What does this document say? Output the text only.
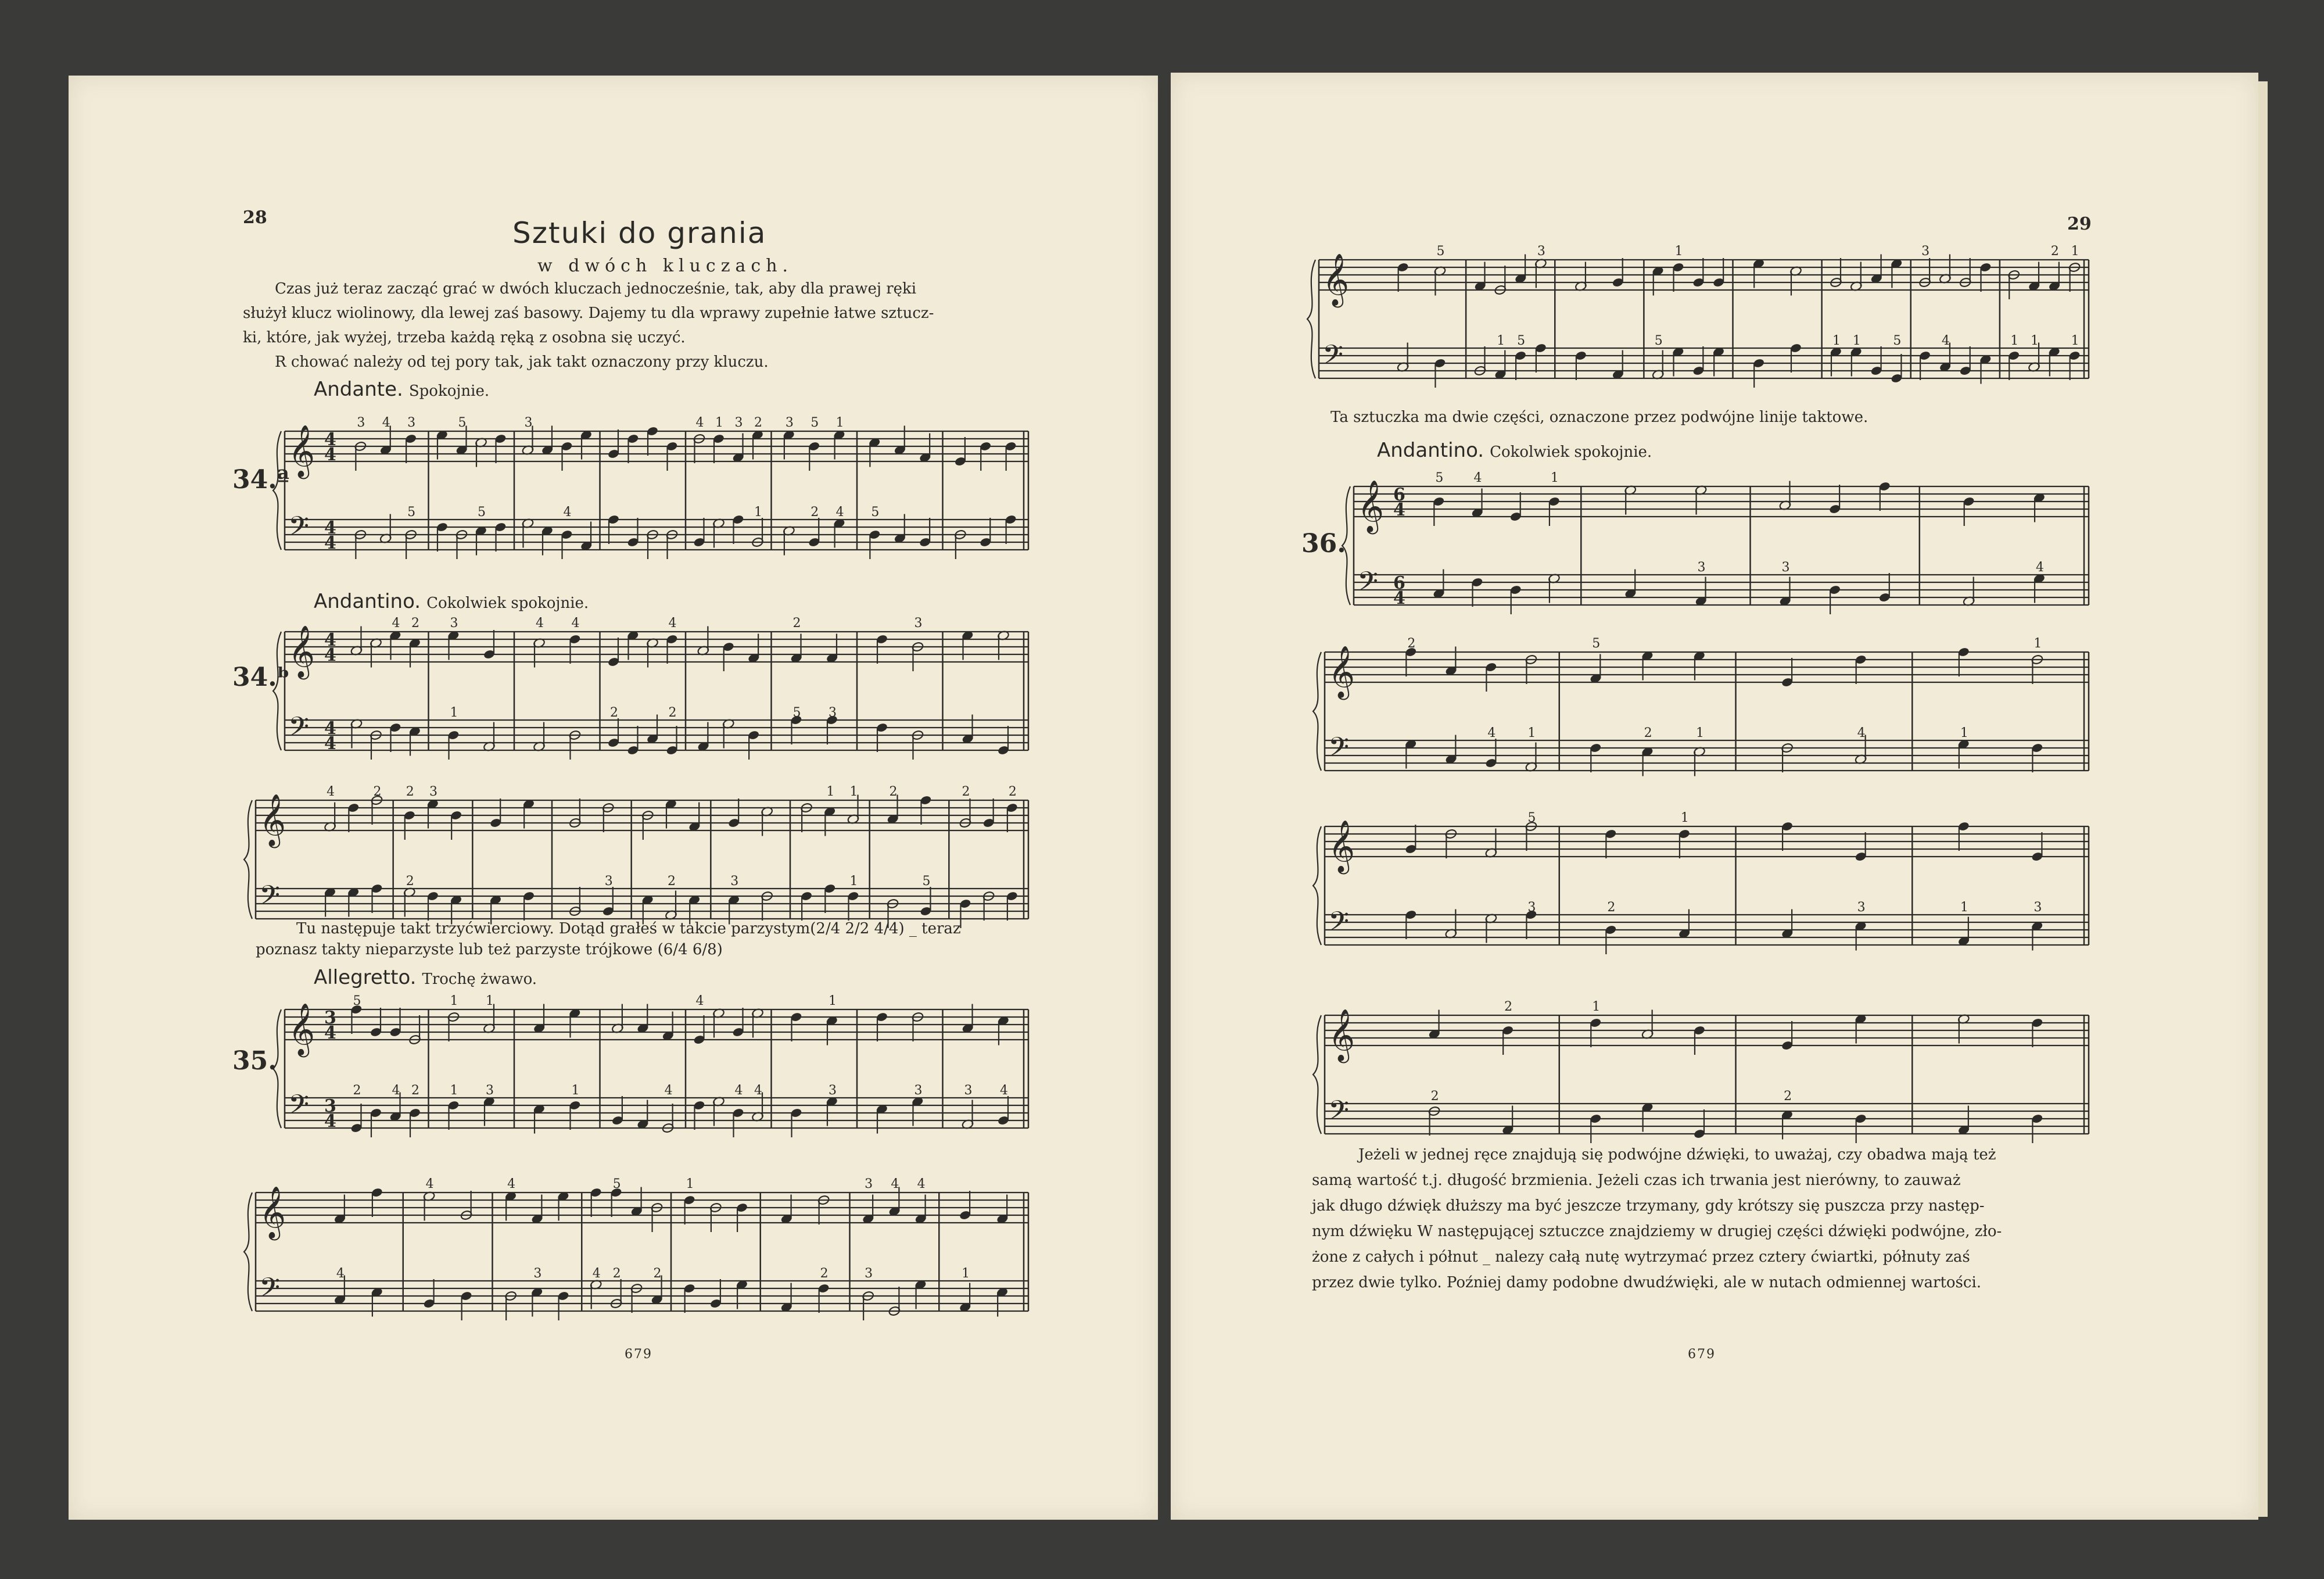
28	Sztuki do grania
w dwóch kluczach.
Czas już teraz zacząć grać w dwóch kluczach jednocześnie, tak, aby dla prawej ręki
służył klucz wiolinowy, dla lewej zaś basowy. Dajemy tu dla wprawy zupełnie łatwe sztucz-
ki, które, jak wyżej, trzeba każdą ręką z osobna się uczyć.
R chować należy od tej pory tak, jak takt oznaczony przy kluczu.
Andante. Spokojnie.
34.ª
Andantino. Cokolwiek spokojnie.
34.ᵇ
Tu następuje takt trzyćwierciowy. Dotąd grałeś w takcie parzystym(2/4 2/2 4/4) _ teraz
poznasz takty nieparzyste lub też parzyste trójkowe (6/4 6/8)
Allegretto. Trochę żwawo.
35.
679
29
Ta sztuczka ma dwie części, oznaczone przez podwójne linije taktowe.
Andantino. Cokolwiek spokojnie.
36.
Jeżeli w jednej ręce znajdują się podwójne dźwięki, to uważaj, czy obadwa mają też
samą wartość t.j. długość brzmienia. Jeżeli czas ich trwania jest nierówny, to zauważ
jak długo dźwięk dłuższy ma być jeszcze trzymany, gdy krótszy się puszcza przy następ-
nym dźwięku W następującej sztuczce znajdziemy w drugiej części dźwięki podwójne, zło-
żone z całych i półnut _ nalezy całą nutę wytrzymać przez cztery ćwiartki, półnuty zaś
przez dwie tylko. Poźniej damy podobne dwudźwięki, ale w nutach odmiennej wartości.
679
𝄞
𝄢
4
4
4
4
3 4 3
5
5
5
3
4
4 1 3 2
1
3 5
2
1
4 5
𝄞
𝄢
4
4
4
4
4 2 3
1
4 4
2
4
2
2
5 3
3
𝄞
𝄢
4	2 2
2
3
3	2	3
1 1
1
2
5
2	2
𝄞
𝄢
3
4
3
4
5
2 4 2
1
1
1
3	1	4
4
4 4
1
3	3	3 4
𝄞
𝄢	4
4	4
3	4
5
2	2
1
2
3
3
4 4
1
𝄞
𝄢
5
1 5
3
5
1
1 1	5
3
4	1 1
2 1
1
𝄞
𝄢
6
4
6
4
5 4	1
3	3	4
𝄞
𝄢
2
4	1
5
2	1	4	1
1
𝄞
𝄢
5
3	2
1
3	1	3
𝄞
𝄢	2
2	1
2
